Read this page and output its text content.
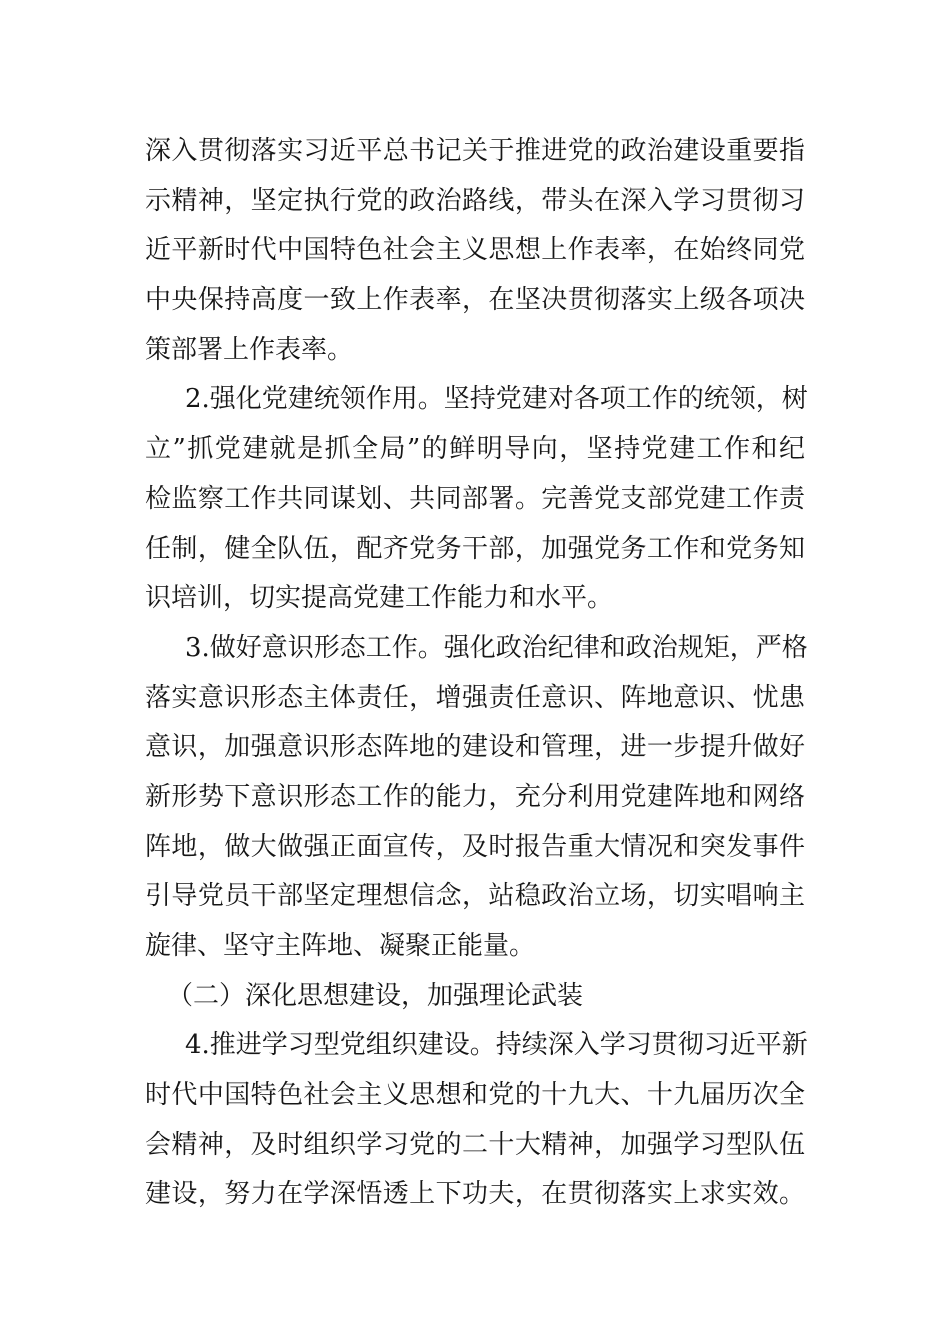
深入贯彻落实习近平总书记关于推进党的政治建设重要指
示精神，坚定执行党的政治路线，带头在深入学习贯彻习
近平新时代中国特色社会主义思想上作表率，在始终同党
中央保持高度一致上作表率，在坚决贯彻落实上级各项决
策部署上作表率。
2.强化党建统领作用。坚持党建对各项工作的统领，树
立”抓党建就是抓全局”的鲜明导向，坚持党建工作和纪
检监察工作共同谋划、共同部署。完善党支部党建工作责
任制，健全队伍，配齐党务干部，加强党务工作和党务知
识培训，切实提高党建工作能力和水平。
3.做好意识形态工作。强化政治纪律和政治规矩，严格
落实意识形态主体责任，增强责任意识、阵地意识、忧患
意识，加强意识形态阵地的建设和管理，进一步提升做好
新形势下意识形态工作的能力，充分利用党建阵地和网络
阵地，做大做强正面宣传，及时报告重大情况和突发事件
引导党员干部坚定理想信念，站稳政治立场，切实唱响主
旋律、坚守主阵地、凝聚正能量。
（二）深化思想建设，加强理论武装
4.推进学习型党组织建设。持续深入学习贯彻习近平新
时代中国特色社会主义思想和党的十九大、十九届历次全
会精神，及时组织学习党的二十大精神，加强学习型队伍
建设，努力在学深悟透上下功夫，在贯彻落实上求实效。
